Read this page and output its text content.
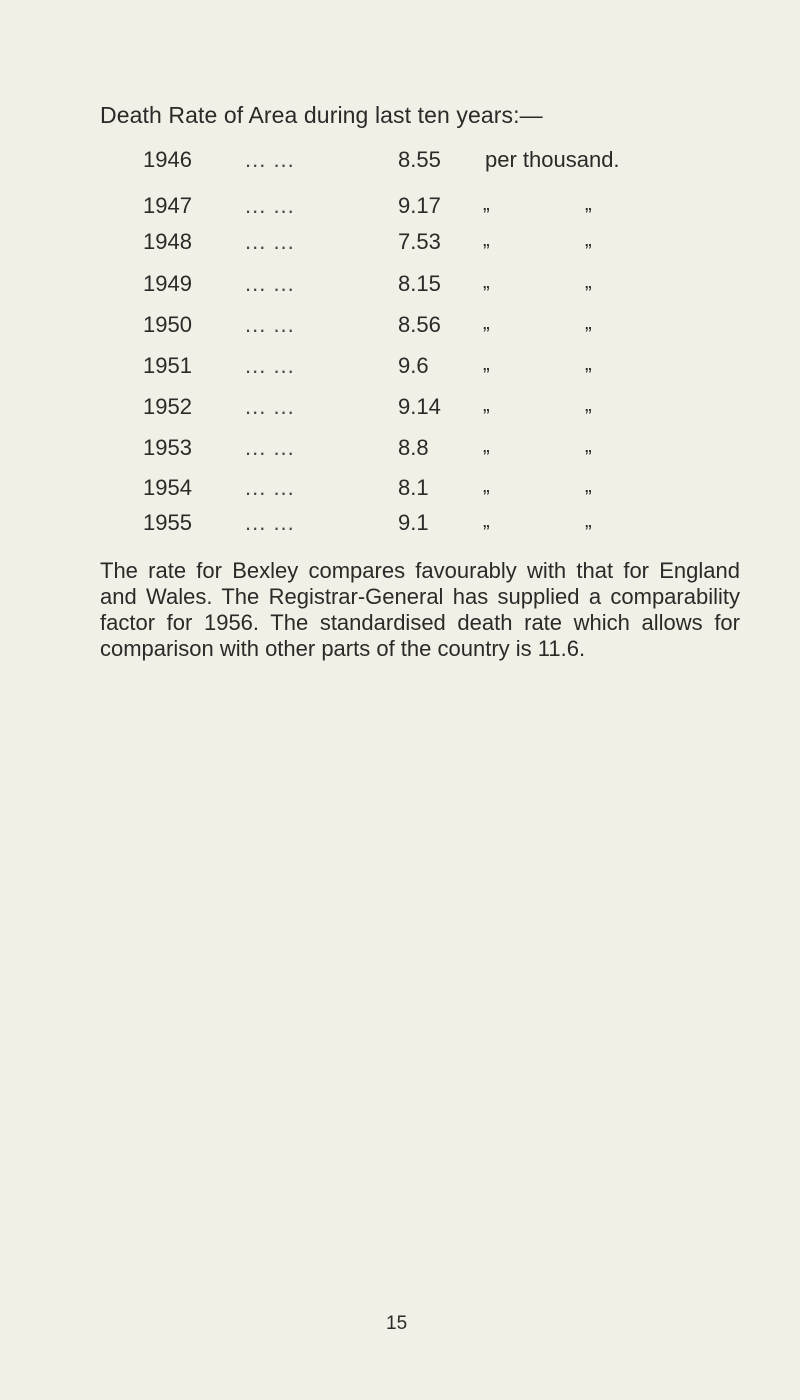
Death Rate of Area during last ten years:—
1946 ... ...	8.55 per thousand.
1947 ... ...	9.17 „	„
1948 ... ...	7.53 „	„
1949 ... ...	8.15 „	„
1950 ... ...	8.56 „	„
1951 ... ...	9.6	„	„
1952 ... ...	9.14 „	„
1953 ... ...	8.8	„	„
1954 ... ...	8.1	„	„
1955 ... ...	9.1	„	„
The rate for Bexley compares favourably with that for England and Wales. The Registrar-General has supplied a comparability factor for 1956. The standardised death rate which allows for comparison with other parts of the country is 11.6.
15
